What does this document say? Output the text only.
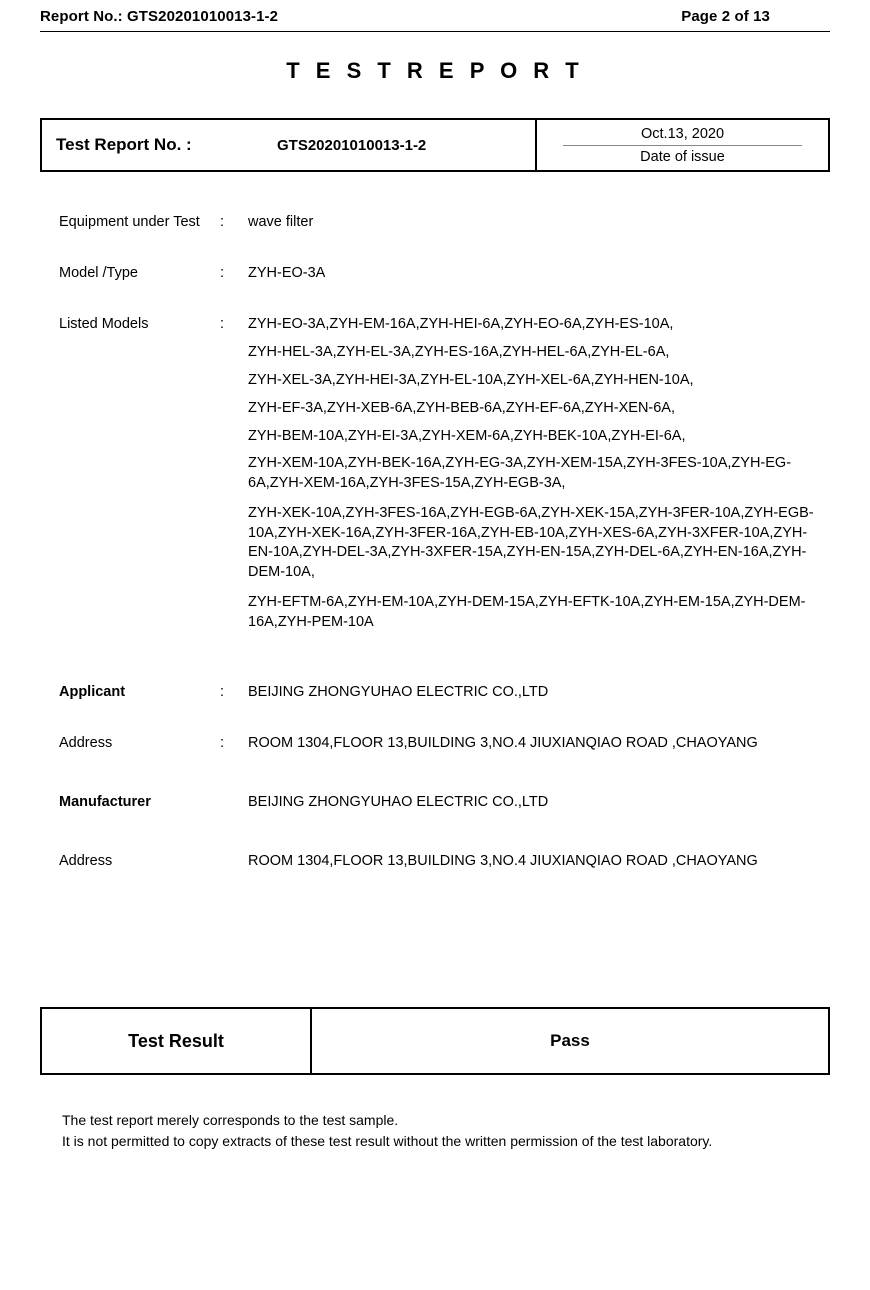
Report No.: GTS20201010013-1-2	Page 2 of 13
T E S T R E P O R T
Test Report No. :	GTS20201010013-1-2
Oct.13, 2020
Date of issue
Equipment under Test	:	wave filter
Model /Type	:	ZYH-EO-3A
Listed Models	:	ZYH-EO-3A,ZYH-EM-16A,ZYH-HEI-6A,ZYH-EO-6A,ZYH-ES-10A,
ZYH-HEL-3A,ZYH-EL-3A,ZYH-ES-16A,ZYH-HEL-6A,ZYH-EL-6A,
ZYH-XEL-3A,ZYH-HEI-3A,ZYH-EL-10A,ZYH-XEL-6A,ZYH-HEN-10A,
ZYH-EF-3A,ZYH-XEB-6A,ZYH-BEB-6A,ZYH-EF-6A,ZYH-XEN-6A,
ZYH-BEM-10A,ZYH-EI-3A,ZYH-XEM-6A,ZYH-BEK-10A,ZYH-EI-6A,
ZYH-XEM-10A,ZYH-BEK-16A,ZYH-EG-3A,ZYH-XEM-15A,ZYH-3FES-10A,ZYH-EG-6A,ZYH-XEM-16A,ZYH-3FES-15A,ZYH-EGB-3A,
ZYH-XEK-10A,ZYH-3FES-16A,ZYH-EGB-6A,ZYH-XEK-15A,ZYH-3FER-10A,ZYH-EGB-10A,ZYH-XEK-16A,ZYH-3FER-16A,ZYH-EB-10A,ZYH-XES-6A,ZYH-3XFER-10A,ZYH-EN-10A,ZYH-DEL-3A,ZYH-3XFER-15A,ZYH-EN-15A,ZYH-DEL-6A,ZYH-EN-16A,ZYH-DEM-10A,
ZYH-EFTM-6A,ZYH-EM-10A,ZYH-DEM-15A,ZYH-EFTK-10A,ZYH-EM-15A,ZYH-DEM-16A,ZYH-PEM-10A
Applicant	:	BEIJING ZHONGYUHAO ELECTRIC CO.,LTD
Address	:	ROOM 1304,FLOOR 13,BUILDING 3,NO.4 JIUXIANQIAO ROAD ,CHAOYANG
Manufacturer	BEIJING ZHONGYUHAO ELECTRIC CO.,LTD
Address	ROOM 1304,FLOOR 13,BUILDING 3,NO.4 JIUXIANQIAO ROAD ,CHAOYANG
Test Result	Pass
The test report merely corresponds to the test sample.
It is not permitted to copy extracts of these test result without the written permission of the test laboratory.
